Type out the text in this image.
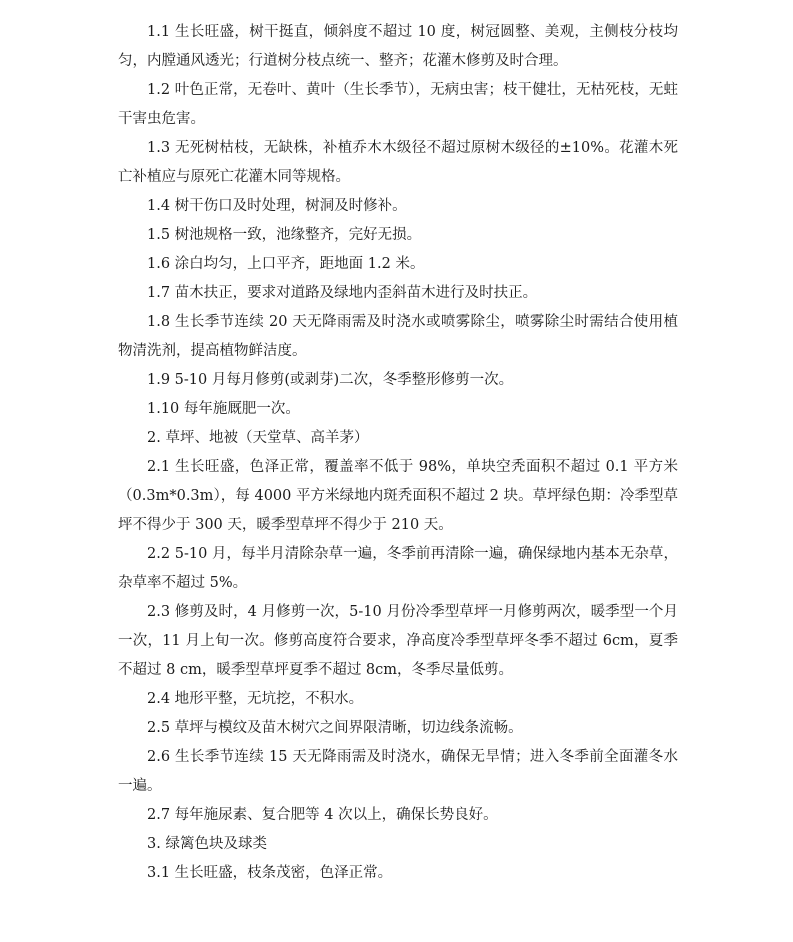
1.1 生长旺盛，树干挺直，倾斜度不超过 10 度，树冠圆整、美观，主侧枝分枝均匀，内膛通风透光；行道树分枝点统一、整齐；花灌木修剪及时合理。

1.2 叶色正常，无卷叶、黄叶（生长季节），无病虫害；枝干健壮，无枯死枝，无蛀干害虫危害。

1.3 无死树枯枝，无缺株，补植乔木木级径不超过原树木级径的±10%。花灌木死亡补植应与原死亡花灌木同等规格。

1.4 树干伤口及时处理，树洞及时修补。

1.5 树池规格一致，池缘整齐，完好无损。

1.6 涂白均匀，上口平齐，距地面 1.2 米。

1.7 苗木扶正，要求对道路及绿地内歪斜苗木进行及时扶正。

1.8 生长季节连续 20 天无降雨需及时浇水或喷雾除尘，喷雾除尘时需结合使用植物清洗剂，提高植物鲜洁度。

1.9 5-10 月每月修剪(或剥芽)二次，冬季整形修剪一次。

1.10 每年施厩肥一次。

2. 草坪、地被（天堂草、高羊茅）

2.1 生长旺盛，色泽正常，覆盖率不低于 98%，单块空秃面积不超过 0.1 平方米（0.3m*0.3m），每 4000 平方米绿地内斑秃面积不超过 2 块。草坪绿色期：冷季型草坪不得少于 300 天，暖季型草坪不得少于 210 天。

2.2 5-10 月，每半月清除杂草一遍，冬季前再清除一遍，确保绿地内基本无杂草，杂草率不超过 5%。

2.3 修剪及时，4 月修剪一次，5-10 月份冷季型草坪一月修剪两次，暖季型一个月一次，11 月上旬一次。修剪高度符合要求，净高度冷季型草坪冬季不超过 6cm，夏季不超过 8 cm，暖季型草坪夏季不超过 8cm，冬季尽量低剪。

2.4 地形平整，无坑挖，不积水。

2.5 草坪与模纹及苗木树穴之间界限清晰，切边线条流畅。

2.6 生长季节连续 15 天无降雨需及时浇水，确保无旱情；进入冬季前全面灌冬水一遍。

2.7 每年施尿素、复合肥等 4 次以上，确保长势良好。

3. 绿篱色块及球类

3.1 生长旺盛，枝条茂密，色泽正常。
